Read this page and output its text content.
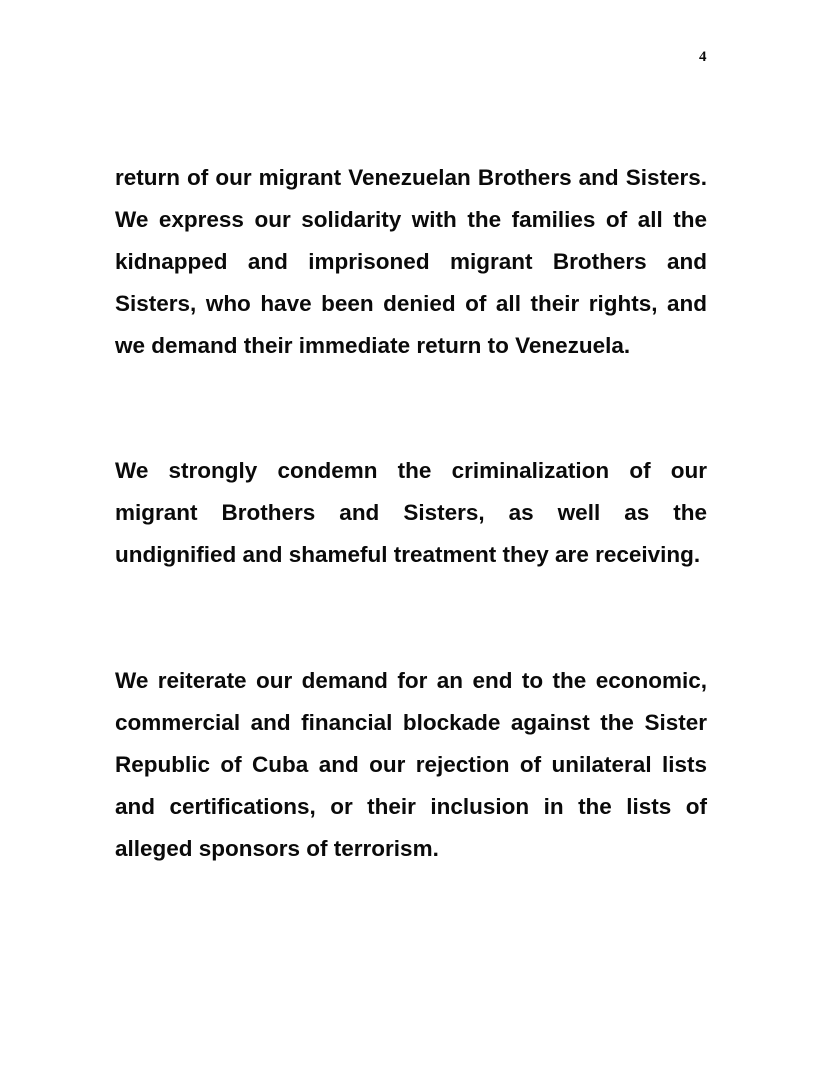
4

return of our migrant Venezuelan Brothers and Sisters. We express our solidarity with the families of all the kidnapped and imprisoned migrant Brothers and Sisters, who have been denied of all their rights, and we demand their immediate return to Venezuela.

We strongly condemn the criminalization of our migrant Brothers and Sisters, as well as the undignified and shameful treatment they are receiving.

We reiterate our demand for an end to the economic, commercial and financial blockade against the Sister Republic of Cuba and our rejection of unilateral lists and certifications, or their inclusion in the lists of alleged sponsors of terrorism.
